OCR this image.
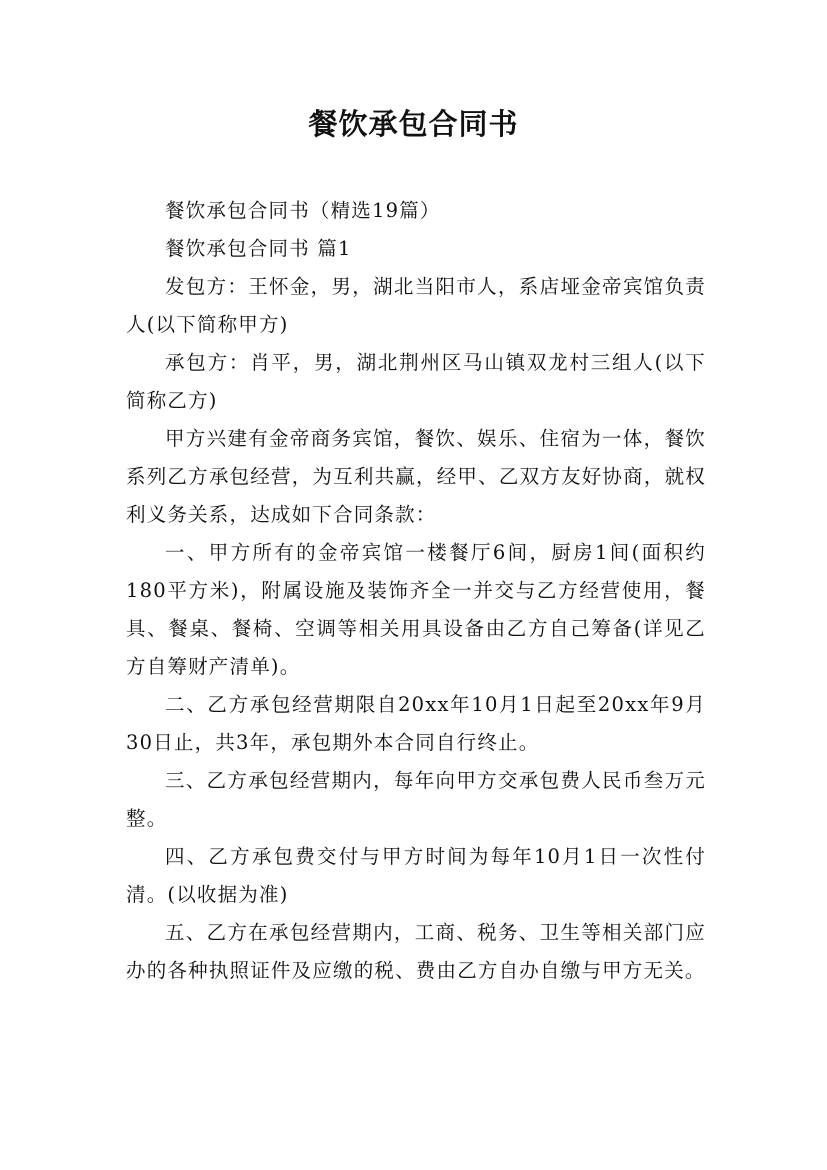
餐饮承包合同书

餐饮承包合同书（精选19篇）

餐饮承包合同书 篇1

发包方：王怀金，男，湖北当阳市人，系店垭金帝宾馆负责人(以下简称甲方)

承包方：肖平，男，湖北荆州区马山镇双龙村三组人(以下简称乙方)

甲方兴建有金帝商务宾馆，餐饮、娱乐、住宿为一体，餐饮系列乙方承包经营，为互利共赢，经甲、乙双方友好协商，就权利义务关系，达成如下合同条款：

一、甲方所有的金帝宾馆一楼餐厅6间，厨房1间(面积约180平方米)，附属设施及装饰齐全一并交与乙方经营使用，餐具、餐桌、餐椅、空调等相关用具设备由乙方自己筹备(详见乙方自筹财产清单)。

二、乙方承包经营期限自20xx年10月1日起至20xx年9月30日止，共3年，承包期外本合同自行终止。

三、乙方承包经营期内，每年向甲方交承包费人民币叁万元整。

四、乙方承包费交付与甲方时间为每年10月1日一次性付清。(以收据为准)

五、乙方在承包经营期内，工商、税务、卫生等相关部门应办的各种执照证件及应缴的税、费由乙方自办自缴与甲方无关。
